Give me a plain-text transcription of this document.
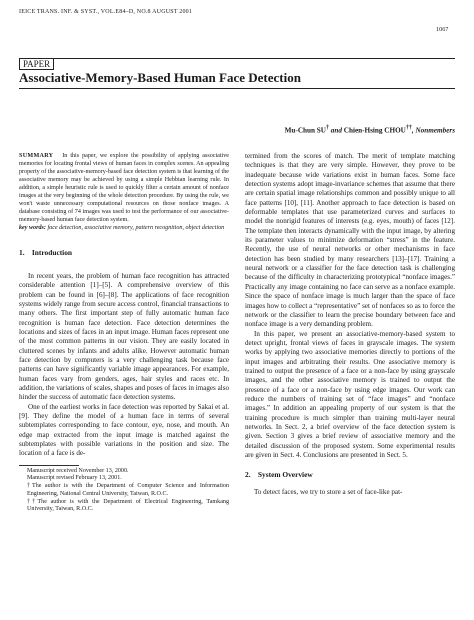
IEICE TRANS. INF. & SYST., VOL.E84–D, NO.8 AUGUST 2001
1067
PAPER
Associative-Memory-Based Human Face Detection
Mu-Chun SU† and Chien-Hsing CHOU††, Nonmembers

SUMMARY In this paper, we explore the possibility of applying associative memories for locating frontal views of human faces in complex scenes. An appealing property of the associative-memory-based face detection system is that learning of the associative memory may be achieved by using a simple Hebbian learning rule. In addition, a simple heuristic rule is used to quickly filter a certain amount of nonface images at the very beginning of the whole detection procedure. By using the rule, we won't waste unnecessary computational resources on those nonface images. A database consisting of 74 images was used to test the performance of our associative-memory-based human face detection system.

key words: face detection, associative memory, pattern recognition, object detection

1. Introduction

In recent years, the problem of human face recognition has attracted considerable attention [1]–[5]. A comprehensive overview of this problem can be found in [6]–[8]. The applications of face recognition systems widely range from secure access control, financial transactions to many others. The first important step of fully automatic human face recognition is human face detection. Face detection determines the locations and sizes of faces in an input image. Human faces represent one of the most common patterns in our vision. They are easily located in cluttered scenes by infants and adults alike. However automatic human face detection by computers is a very challenging task because face patterns can have significantly variable image appearances. For example, human faces vary from genders, ages, hair styles and races etc. In addition, the variations of scales, shapes and poses of faces in images also hinder the success of automatic face detection systems.

One of the earliest works in face detection was reported by Sakai et al.[9]. They define the model of a human face in terms of several subtemplates corresponding to face contour, eye, nose, and mouth. An edge map extracted from the input image is matched against the subtemplates with possible variations in the position and size. The location of a face is de-

Manuscript received November 13, 2000.

Manuscript revised February 13, 2001.

†The author is with the Department of Computer Science and Information Engineering, National Central University, Taiwan, R.O.C.

††The author is with the Department of Electrical Engineering, Tamkang University, Taiwan, R.O.C.

termined from the scores of match. The merit of template matching techniques is that they are very simple. However, they prove to be inadequate because wide variations exist in human faces. Some face detection systems adopt image-invariance schemes that assume that there are certain spatial image relationships common and possibly unique to all face patterns [10], [11]. Another approach to face detection is based on deformable templates that use parameterized curves and surfaces to model the nonrigid features of interests (e.g. eyes, mouth) of faces [12]. The template then interacts dynamically with the input image, by altering its parameter values to minimize deformation “stress” in the feature. Recently, the use of neural networks or other mechanisms in face detection has been studied by many researchers [13]–[17]. Training a neural network or a classifier for the face detection task is challenging because of the difficulty in characterizing prototypical “nonface images.” Practically any image containing no face can serve as a nonface example. Since the space of nonface image is much larger than the space of face images how to collect a “representative” set of nonfaces so as to force the network or the classifier to learn the precise boundary between face and nonface image is a very demanding problem.

In this paper, we present an associative-memory-based system to detect upright, frontal views of faces in grayscale images. The system works by applying two associative memories directly to portions of the input images and arbitrating their results. One associative memory is trained to output the presence of a face or a non-face by using grayscale images, and the other associative memory is trained to output the presence of a face or a non-face by using edge images. Our work can reduce the numbers of training set of “face images” and “nonface images.” In addition an appealing property of our system is that the training procedure is much simpler than training multi-layer neural networks. In Sect. 2, a brief overview of the face detection system is given. Section 3 gives a brief review of associative memory and the detailed discussion of the proposed system. Some experimental results are given in Sect. 4. Conclusions are presented in Sect. 5.

2. System Overview

To detect faces, we try to store a set of face-like pat-
